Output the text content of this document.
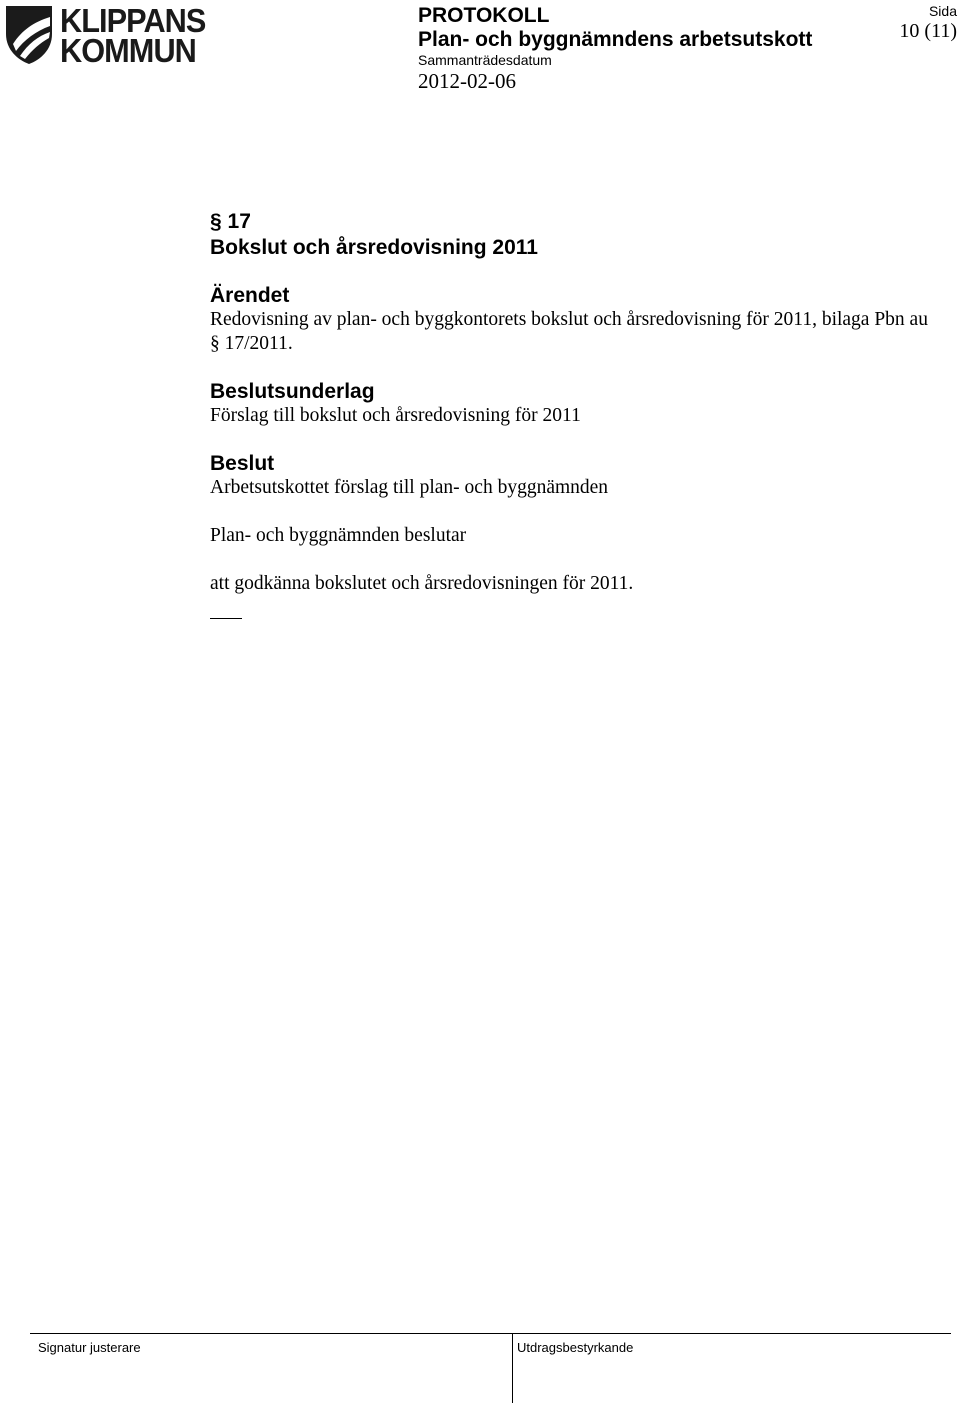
KLIPPANS
KOMMUN
PROTOKOLL
Plan- och byggnämndens arbetsutskott
Sammanträdesdatum
2012-02-06
Sida
10 (11)
§ 17
Bokslut och årsredovisning 2011
Ärendet
Redovisning av plan- och byggkontorets bokslut och årsredovisning för 2011, bilaga Pbn au § 17/2011.
Beslutsunderlag
Förslag till bokslut och årsredovisning för 2011
Beslut
Arbetsutskottet förslag till plan- och byggnämnden
Plan- och byggnämnden beslutar
att godkänna bokslutet och årsredovisningen för 2011.
Signatur justerare	Utdragsbestyrkande
